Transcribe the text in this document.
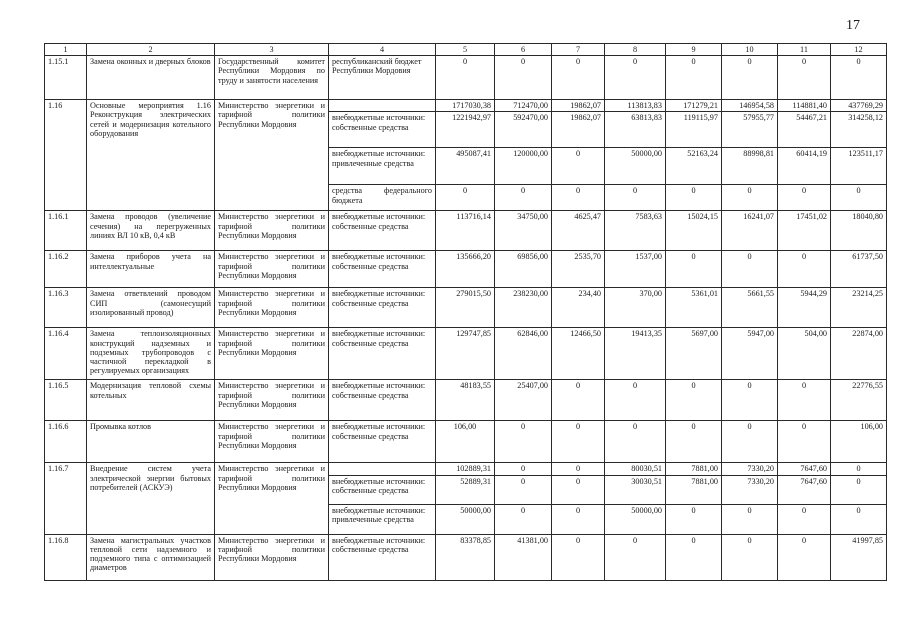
17
1	2	3	4	5	6	7	8	9	10	11	12
1.15.1	Замена оконных и дверных блоков	Государственный комитет Республики Мордовия по труду и занятости населения	республиканский бюджет Республики Мордовия	0	0	0	0	0	0	0	0
1.16	Основные мероприятия 1.16 Реконструкция электрических сетей и модернизация котельного оборудования	Министерство энергетики и тарифной политики Республики Мордовия		1717030,38	712470,00	19862,07	113813,83	171279,21	146954,58	114881,40	437769,29
			внебюджетные источники: собственные средства	1221942,97	592470,00	19862,07	63813,83	119115,97	57955,77	54467,21	314258,12
			внебюджетные источники: привлеченные средства	495087,41	120000,00	0	50000,00	52163,24	88998,81	60414,19	123511,17
			средства федерального бюджета	0	0	0	0	0	0	0	0
1.16.1	Замена проводов (увеличение сечения) на перегруженных линиях ВЛ 10 кВ, 0,4 кВ	Министерство энергетики и тарифной политики Республики Мордовия	внебюджетные источники: собственные средства	113716,14	34750,00	4625,47	7583,63	15024,15	16241,07	17451,02	18040,80
1.16.2	Замена приборов учета на интеллектуальные	Министерство энергетики и тарифной политики Республики Мордовия	внебюджетные источники: собственные средства	135666,20	69856,00	2535,70	1537,00	0	0	0	61737,50
1.16.3	Замена ответвлений проводом СИП (самонесущий изолированный провод)	Министерство энергетики и тарифной политики Республики Мордовия	внебюджетные источники: собственные средства	279015,50	238230,00	234,40	370,00	5361,01	5661,55	5944,29	23214,25
1.16.4	Замена теплоизоляционных конструкций надземных и подземных трубопроводов с частичной перекладкой в регулируемых организациях	Министерство энергетики и тарифной политики Республики Мордовия	внебюджетные источники: собственные средства	129747,85	62846,00	12466,50	19413,35	5697,00	5947,00	504,00	22874,00
1.16.5	Модернизация тепловой схемы котельных	Министерство энергетики и тарифной политики Республики Мордовия	внебюджетные источники: собственные средства	48183,55	25407,00	0	0	0	0	0	22776,55
1.16.6	Промывка котлов	Министерство энергетики и тарифной политики Республики Мордовия	внебюджетные источники: собственные средства	106,00	0	0	0	0	0	0	106,00
1.16.7	Внедрение систем учета электрической энергии бытовых потребителей (АСКУЭ)	Министерство энергетики и тарифной политики Республики Мордовия		102889,31	0	0	80030,51	7881,00	7330,20	7647,60	0
			внебюджетные источники: собственные средства	52889,31	0	0	30030,51	7881,00	7330,20	7647,60	0
			внебюджетные источники: привлеченные средства	50000,00	0	0	50000,00	0	0	0	0
1.16.8	Замена магистральных участков тепловой сети надземного и подземного типа с оптимизацией диаметров	Министерство энергетики и тарифной политики Республики Мордовия	внебюджетные источники: собственные средства	83378,85	41381,00	0	0	0	0	0	41997,85
